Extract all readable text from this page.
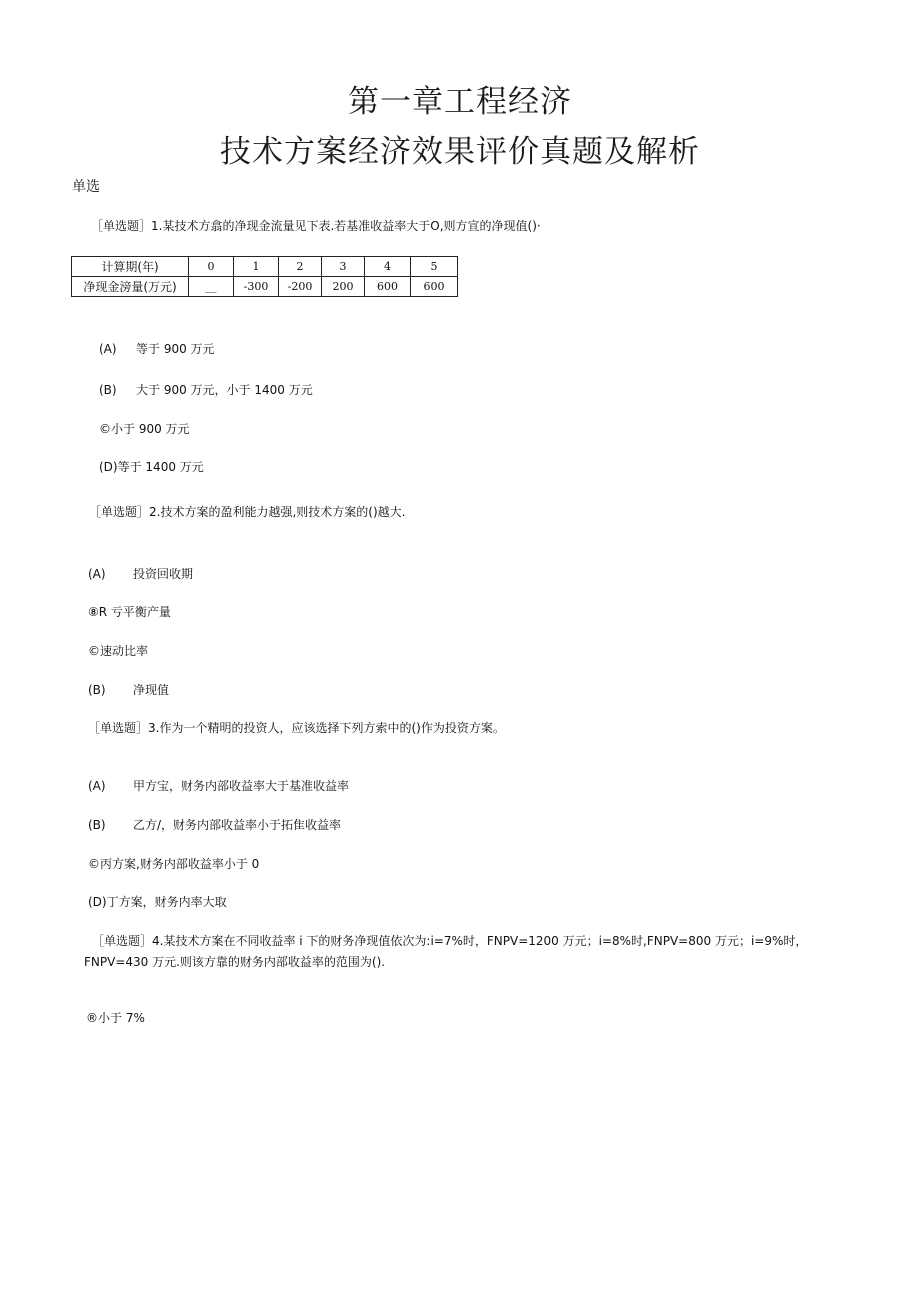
第一章工程经济
技术方案经济效果评价真题及解析
单选
［单选题］1.某技术方翕的净现金流量见下表.若基准收益率大于O,则方宣的净现值()·
计算期(年)	0	1	2	3	4	5
净现金滂量(万元)	__	-300	-200	200	600	600
(A) 等于 900 万元
(B) 大于 900 万元，小于 1400 万元
©小于 900 万元
(D)等于 1400 万元
［单选题］2.技术方案的盈利能力越强,则技术方案的()越大.
(A) 投资回收期
⑧R 亏平衡产量
©速动比率
(B) 净现值
［单选题］3.作为一个精明的投资人，应该选择下列方索中的()作为投资方案。
(A) 甲方宝，财务内部收益率大于基准收益率
(B) 乙方/，财务内部收益率小于拓隹收益率
©丙方案,财务内部收益率小于 0
(D)丁方案，财务内率大取
［单选题］4.某技术方案在不同收益率 i 下的财务净现值依次为:i=7%时，FNPV=1200 万元；i=8%时,FNPV=800 万元；i=9%时，
FNPV=430 万元.则该方靠的财务内部收益率的范围为().
®小于 7%
